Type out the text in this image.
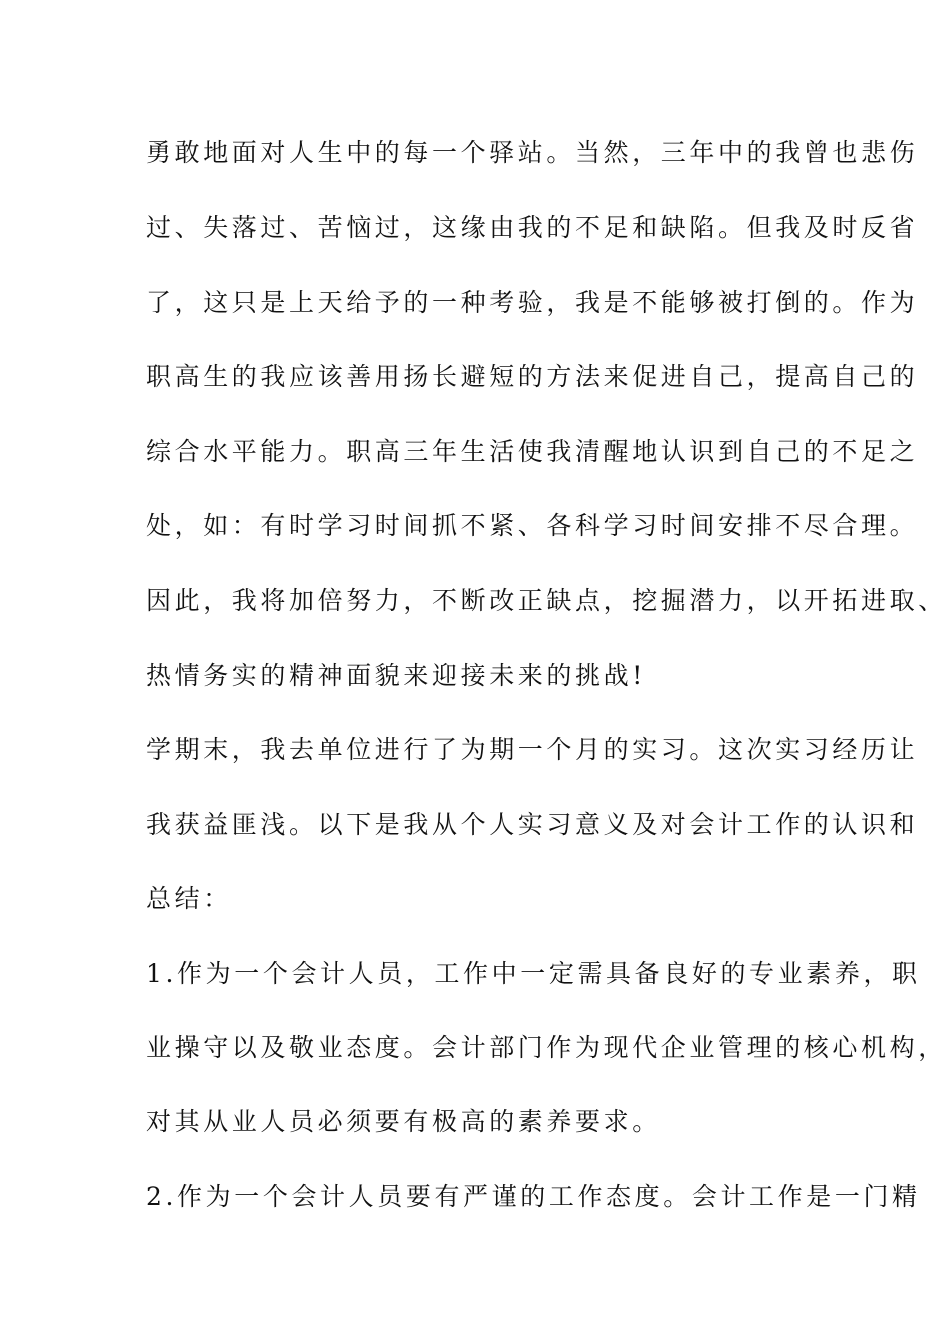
勇敢地面对人生中的每一个驿站。当然，三年中的我曾也悲伤
过、失落过、苦恼过，这缘由我的不足和缺陷。但我及时反省
了，这只是上天给予的一种考验，我是不能够被打倒的。作为
职高生的我应该善用扬长避短的方法来促进自己，提高自己的
综合水平能力。职高三年生活使我清醒地认识到自己的不足之
处，如：有时学习时间抓不紧、各科学习时间安排不尽合理。
因此，我将加倍努力，不断改正缺点，挖掘潜力，以开拓进取、
热情务实的精神面貌来迎接未来的挑战!
学期末，我去单位进行了为期一个月的实习。这次实习经历让
我获益匪浅。以下是我从个人实习意义及对会计工作的认识和
总结：
1.作为一个会计人员，工作中一定需具备良好的专业素养，职
业操守以及敬业态度。会计部门作为现代企业管理的核心机构，
对其从业人员必须要有极高的素养要求。
2.作为一个会计人员要有严谨的工作态度。会计工作是一门精
